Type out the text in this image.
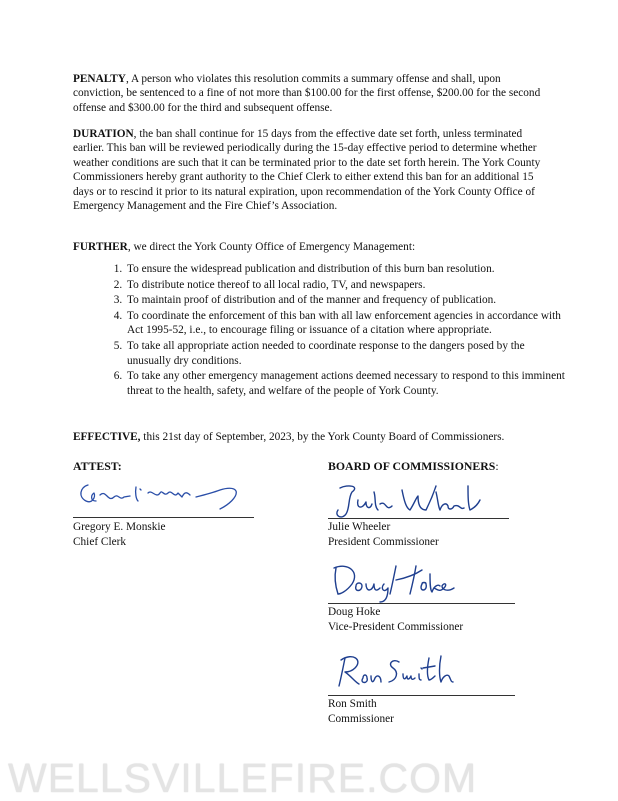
PENALTY, A person who violates this resolution commits a summary offense and shall, upon conviction, be sentenced to a fine of not more than $100.00 for the first offense, $200.00 for the second offense and $300.00 for the third and subsequent offense.

DURATION, the ban shall continue for 15 days from the effective date set forth, unless terminated earlier. This ban will be reviewed periodically during the 15-day effective period to determine whether weather conditions are such that it can be terminated prior to the date set forth herein. The York County Commissioners hereby grant authority to the Chief Clerk to either extend this ban for an additional 15 days or to rescind it prior to its natural expiration, upon recommendation of the York County Office of Emergency Management and the Fire Chief’s Association.

FURTHER, we direct the York County Office of Emergency Management:

1. To ensure the widespread publication and distribution of this burn ban resolution.
2. To distribute notice thereof to all local radio, TV, and newspapers.
3. To maintain proof of distribution and of the manner and frequency of publication.
4. To coordinate the enforcement of this ban with all law enforcement agencies in accordance with Act 1995-52, i.e., to encourage filing or issuance of a citation where appropriate.
5. To take all appropriate action needed to coordinate response to the dangers posed by the unusually dry conditions.
6. To take any other emergency management actions deemed necessary to respond to this imminent threat to the health, safety, and welfare of the people of York County.

EFFECTIVE, this 21st day of September, 2023, by the York County Board of Commissioners.

ATTEST:	BOARD OF COMMISSIONERS:

Gregory E. Monskie

Chief Clerk

Julie Wheeler

President Commissioner

Doug Hoke

Vice-President Commissioner

Ron Smith

Commissioner

WELLSVILLEFIRE.COM
